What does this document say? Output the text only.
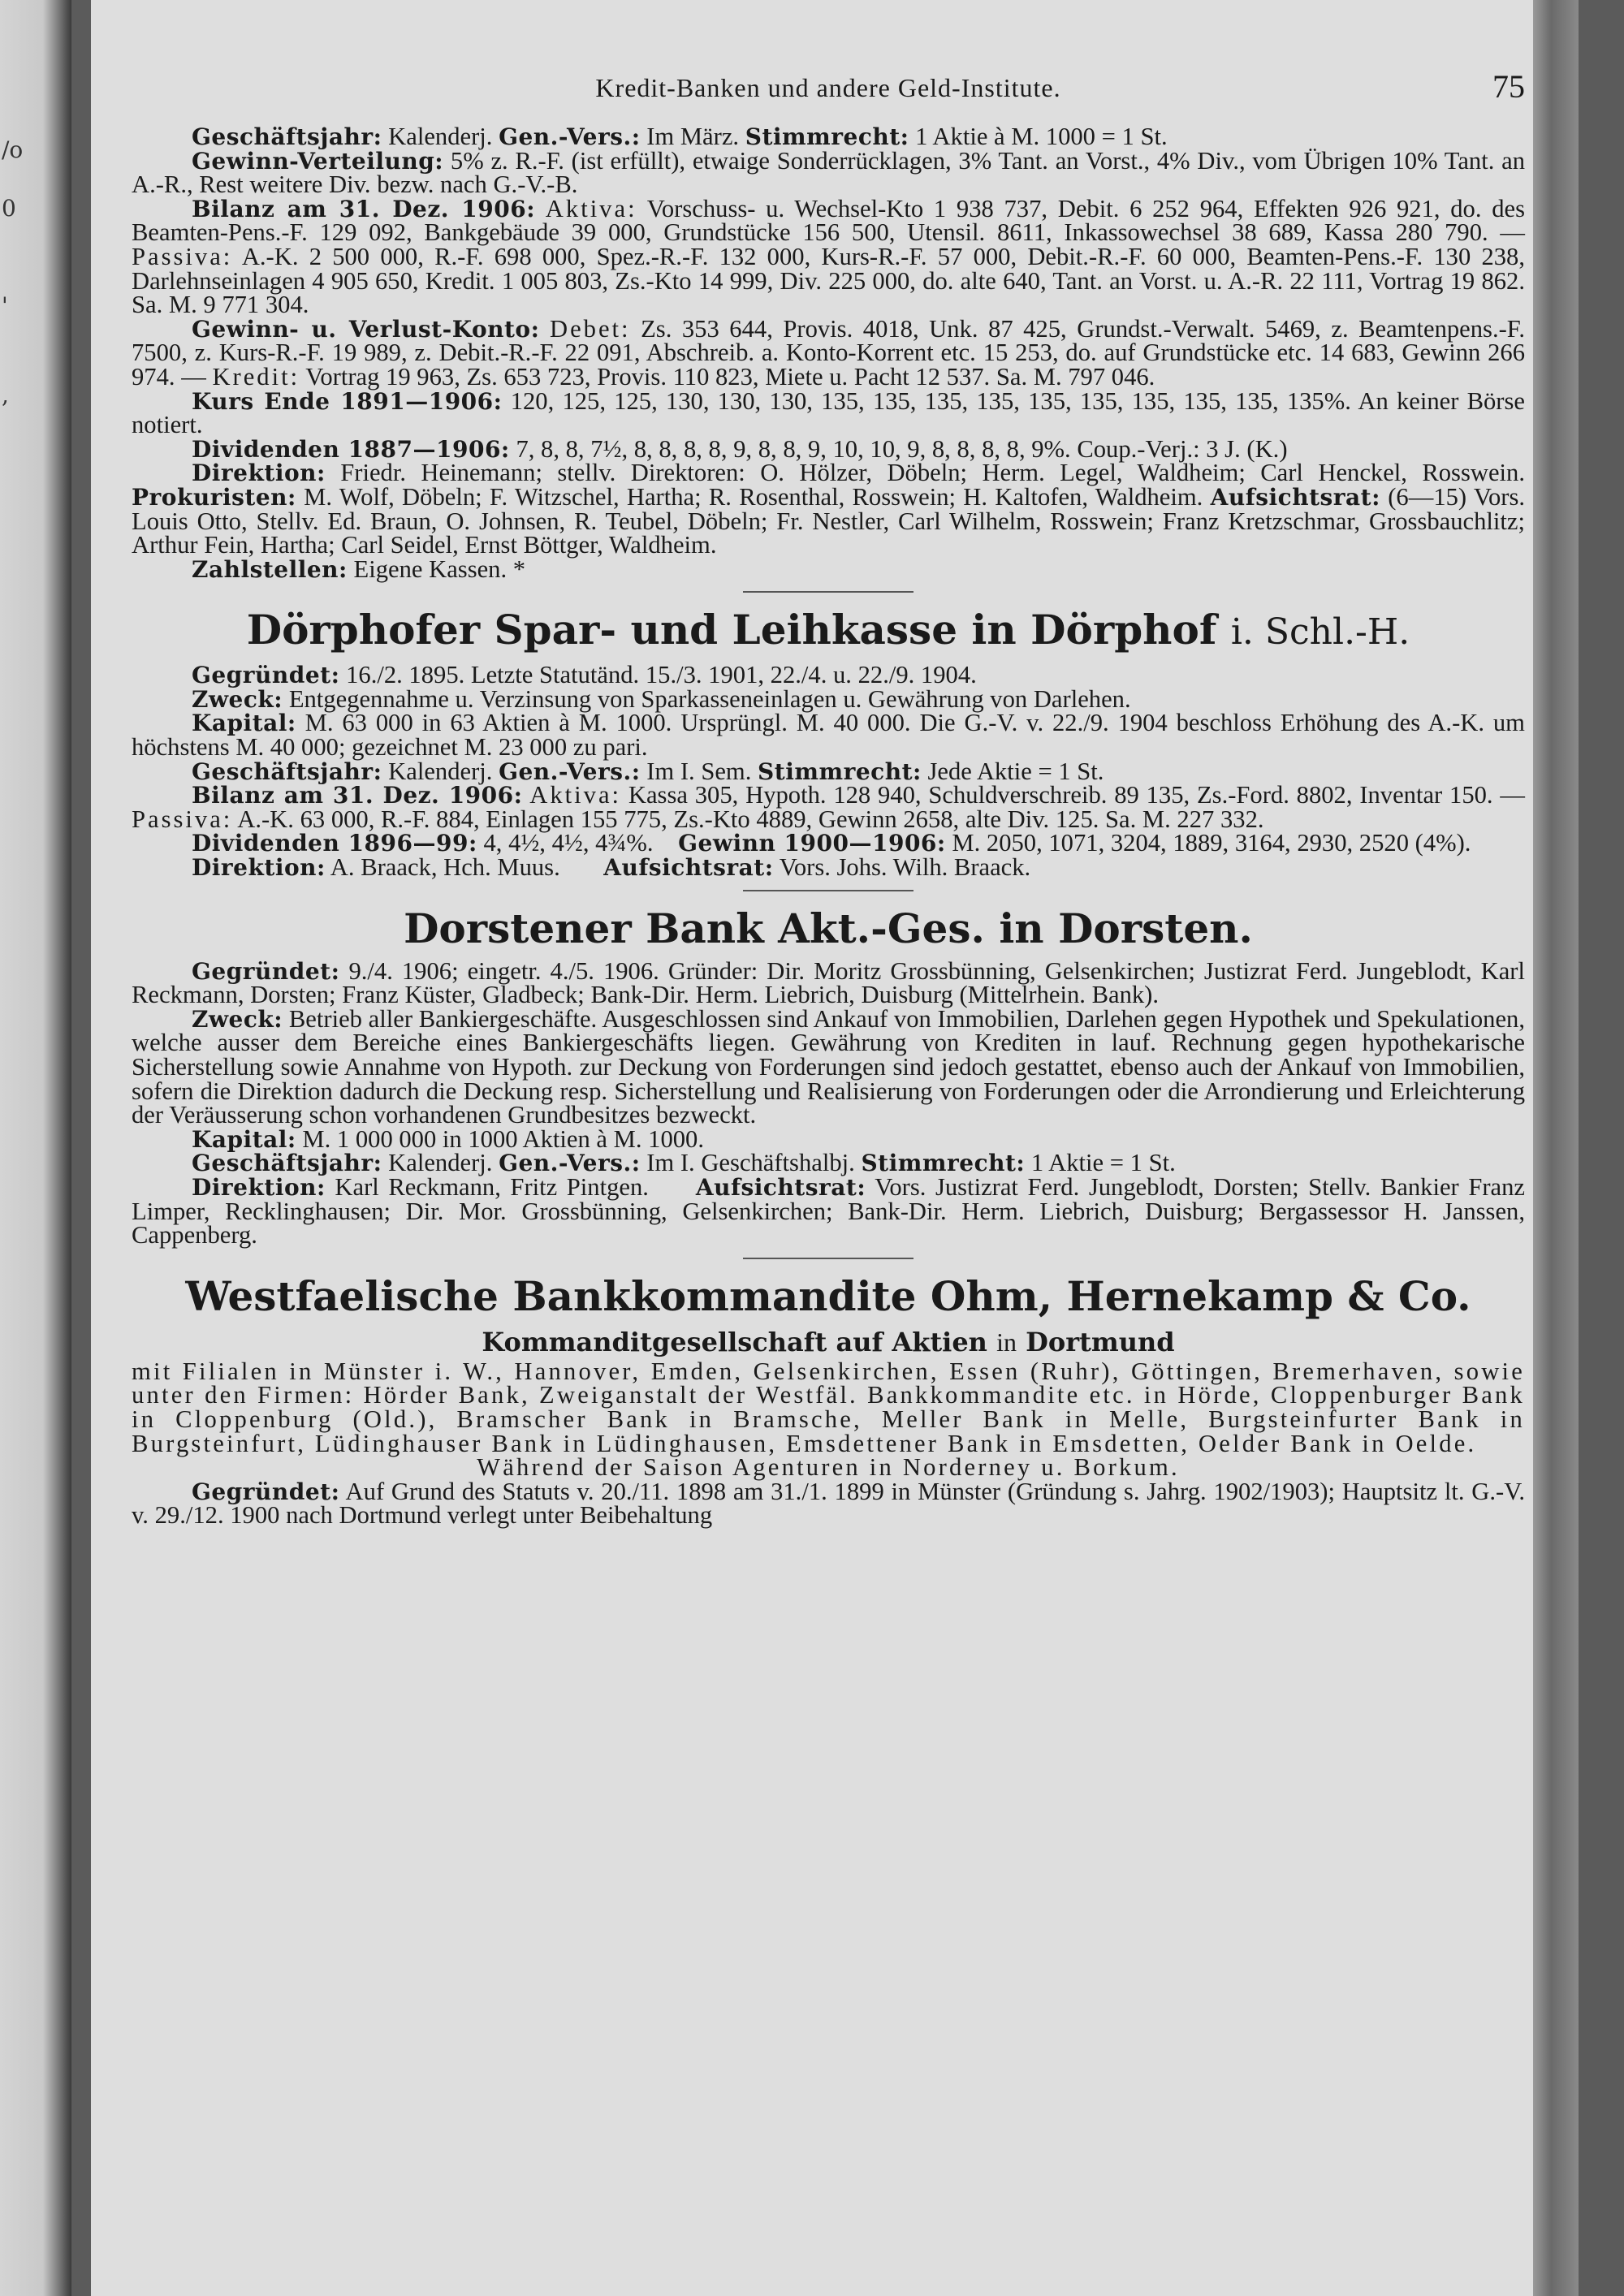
/o
0
'
,
Kredit-Banken und andere Geld-Institute.	75

Geschäftsjahr: Kalenderj. Gen.-Vers.: Im März. Stimmrecht: 1 Aktie à M. 1000 = 1 St.

Gewinn-Verteilung: 5% z. R.-F. (ist erfüllt), etwaige Sonderrücklagen, 3% Tant. an Vorst., 4% Div., vom Übrigen 10% Tant. an A.-R., Rest weitere Div. bezw. nach G.-V.-B.

Bilanz am 31. Dez. 1906: Aktiva: Vorschuss- u. Wechsel-Kto 1 938 737, Debit. 6 252 964, Effekten 926 921, do. des Beamten-Pens.-F. 129 092, Bankgebäude 39 000, Grundstücke 156 500, Utensil. 8611, Inkassowechsel 38 689, Kassa 280 790. — Passiva: A.-K. 2 500 000, R.-F. 698 000, Spez.-R.-F. 132 000, Kurs-R.-F. 57 000, Debit.-R.-F. 60 000, Beamten-Pens.-F. 130 238, Darlehnseinlagen 4 905 650, Kredit. 1 005 803, Zs.-Kto 14 999, Div. 225 000, do. alte 640, Tant. an Vorst. u. A.-R. 22 111, Vortrag 19 862. Sa. M. 9 771 304.

Gewinn- u. Verlust-Konto: Debet: Zs. 353 644, Provis. 4018, Unk. 87 425, Grundst.-Verwalt. 5469, z. Beamtenpens.-F. 7500, z. Kurs-R.-F. 19 989, z. Debit.-R.-F. 22 091, Abschreib. a. Konto-Korrent etc. 15 253, do. auf Grundstücke etc. 14 683, Gewinn 266 974. — Kredit: Vortrag 19 963, Zs. 653 723, Provis. 110 823, Miete u. Pacht 12 537. Sa. M. 797 046.

Kurs Ende 1891—1906: 120, 125, 125, 130, 130, 130, 135, 135, 135, 135, 135, 135, 135, 135, 135, 135%. An keiner Börse notiert.

Dividenden 1887—1906: 7, 8, 8, 7½, 8, 8, 8, 8, 9, 8, 8, 9, 10, 10, 9, 8, 8, 8, 8, 9%. Coup.-Verj.: 3 J. (K.)

Direktion: Friedr. Heinemann; stellv. Direktoren: O. Hölzer, Döbeln; Herm. Legel, Waldheim; Carl Henckel, Rosswein. Prokuristen: M. Wolf, Döbeln; F. Witzschel, Hartha; R. Rosenthal, Rosswein; H. Kaltofen, Waldheim. Aufsichtsrat: (6—15) Vors. Louis Otto, Stellv. Ed. Braun, O. Johnsen, R. Teubel, Döbeln; Fr. Nestler, Carl Wilhelm, Rosswein; Franz Kretzschmar, Grossbauchlitz; Arthur Fein, Hartha; Carl Seidel, Ernst Böttger, Waldheim.

Zahlstellen: Eigene Kassen. *

Dörphofer Spar- und Leihkasse in Dörphof i. Schl.-H.

Gegründet: 16./2. 1895. Letzte Statutänd. 15./3. 1901, 22./4. u. 22./9. 1904.

Zweck: Entgegennahme u. Verzinsung von Sparkasseneinlagen u. Gewährung von Darlehen.

Kapital: M. 63 000 in 63 Aktien à M. 1000. Ursprüngl. M. 40 000. Die G.-V. v. 22./9. 1904 beschloss Erhöhung des A.-K. um höchstens M. 40 000; gezeichnet M. 23 000 zu pari.

Geschäftsjahr: Kalenderj. Gen.-Vers.: Im I. Sem. Stimmrecht: Jede Aktie = 1 St.

Bilanz am 31. Dez. 1906: Aktiva: Kassa 305, Hypoth. 128 940, Schuldverschreib. 89 135, Zs.-Ford. 8802, Inventar 150. — Passiva: A.-K. 63 000, R.-F. 884, Einlagen 155 775, Zs.-Kto 4889, Gewinn 2658, alte Div. 125. Sa. M. 227 332.

Dividenden 1896—99: 4, 4½, 4½, 4¾%. Gewinn 1900—1906: M. 2050, 1071, 3204, 1889, 3164, 2930, 2520 (4%).

Direktion: A. Braack, Hch. Muus. Aufsichtsrat: Vors. Johs. Wilh. Braack.

Dorstener Bank Akt.-Ges. in Dorsten.

Gegründet: 9./4. 1906; eingetr. 4./5. 1906. Gründer: Dir. Moritz Grossbünning, Gelsenkirchen; Justizrat Ferd. Jungeblodt, Karl Reckmann, Dorsten; Franz Küster, Gladbeck; Bank-Dir. Herm. Liebrich, Duisburg (Mittelrhein. Bank).

Zweck: Betrieb aller Bankiergeschäfte. Ausgeschlossen sind Ankauf von Immobilien, Darlehen gegen Hypothek und Spekulationen, welche ausser dem Bereiche eines Bankiergeschäfts liegen. Gewährung von Krediten in lauf. Rechnung gegen hypothekarische Sicherstellung sowie Annahme von Hypoth. zur Deckung von Forderungen sind jedoch gestattet, ebenso auch der Ankauf von Immobilien, sofern die Direktion dadurch die Deckung resp. Sicherstellung und Realisierung von Forderungen oder die Arrondierung und Erleichterung der Veräusserung schon vorhandenen Grundbesitzes bezweckt.

Kapital: M. 1 000 000 in 1000 Aktien à M. 1000.

Geschäftsjahr: Kalenderj. Gen.-Vers.: Im I. Geschäftshalbj. Stimmrecht: 1 Aktie = 1 St.

Direktion: Karl Reckmann, Fritz Pintgen. Aufsichtsrat: Vors. Justizrat Ferd. Jungeblodt, Dorsten; Stellv. Bankier Franz Limper, Recklinghausen; Dir. Mor. Grossbünning, Gelsenkirchen; Bank-Dir. Herm. Liebrich, Duisburg; Bergassessor H. Janssen, Cappenberg.

Westfaelische Bankkommandite Ohm, Hernekamp & Co.
Kommanditgesellschaft auf Aktien in Dortmund

mit Filialen in Münster i. W., Hannover, Emden, Gelsenkirchen, Essen (Ruhr), Göttingen, Bremerhaven, sowie unter den Firmen: Hörder Bank, Zweiganstalt der Westfäl. Bankkommandite etc. in Hörde, Cloppenburger Bank in Cloppenburg (Old.), Bramscher Bank in Bramsche, Meller Bank in Melle, Burgsteinfurter Bank in Burgsteinfurt, Lüdinghauser Bank in Lüdinghausen, Emsdettener Bank in Emsdetten, Oelder Bank in Oelde.

Während der Saison Agenturen in Norderney u. Borkum.

Gegründet: Auf Grund des Statuts v. 20./11. 1898 am 31./1. 1899 in Münster (Gründung s. Jahrg. 1902/1903); Hauptsitz lt. G.-V. v. 29./12. 1900 nach Dortmund verlegt unter Beibehaltung
